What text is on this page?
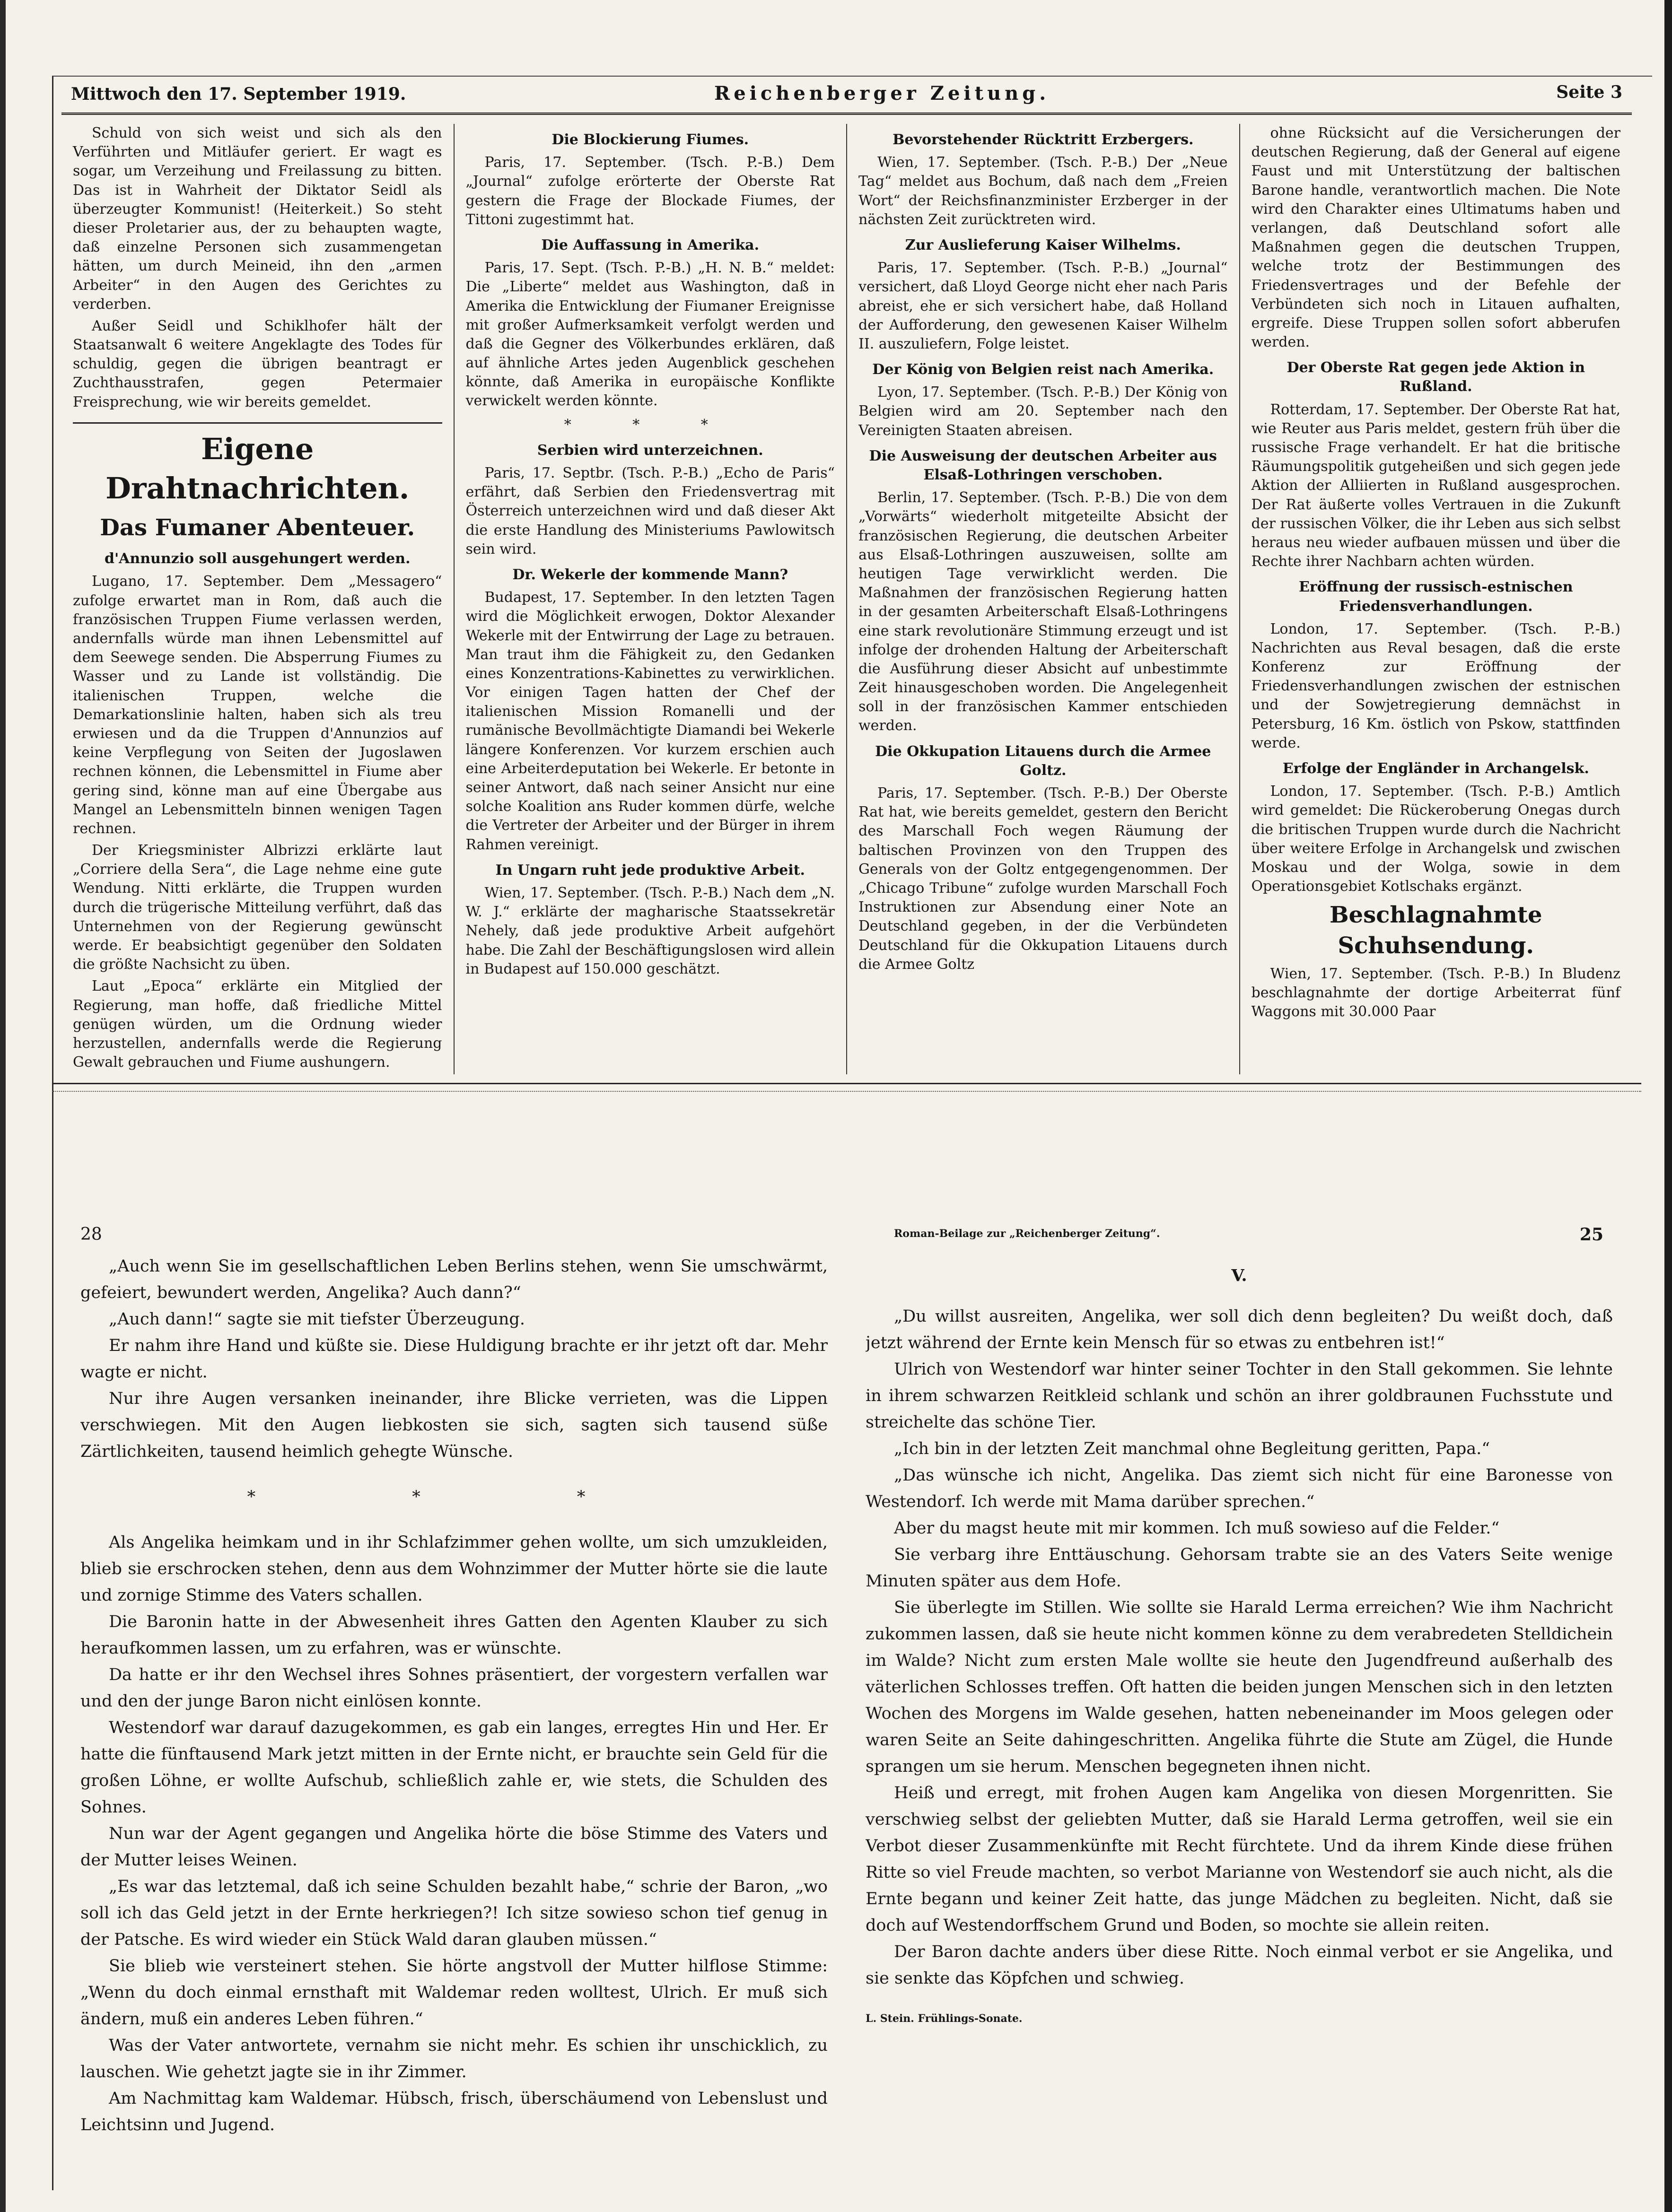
Mittwoch den 17. September 1919.	Reichenberger Zeitung.	Seite 3

Schuld von sich weist und sich als den Verführten und Mitläufer geriert. Er wagt es sogar, um Verzeihung und Freilassung zu bitten. Das ist in Wahrheit der Diktator Seidl als überzeugter Kommunist! (Heiterkeit.) So steht dieser Proletarier aus, der zu behaupten wagte, daß einzelne Personen sich zusammengetan hätten, um durch Meineid, ihn den „armen Arbeiter“ in den Augen des Gerichtes zu verderben.

Außer Seidl und Schiklhofer hält der Staatsanwalt 6 weitere Angeklagte des Todes für schuldig, gegen die übrigen beantragt er Zuchthausstrafen, gegen Petermaier Freisprechung, wie wir bereits gemeldet.

Eigene Drahtnachrichten.
Das Fumaner Abenteuer.
d'Annunzio soll ausgehungert werden.

Lugano, 17. September. Dem „Messagero“ zufolge erwartet man in Rom, daß auch die französischen Truppen Fiume verlassen werden, andernfalls würde man ihnen Lebensmittel auf dem Seewege senden. Die Absperrung Fiumes zu Wasser und zu Lande ist vollständig. Die italienischen Truppen, welche die Demarkationslinie halten, haben sich als treu erwiesen und da die Truppen d'Annunzios auf keine Verpflegung von Seiten der Jugoslawen rechnen können, die Lebensmittel in Fiume aber gering sind, könne man auf eine Übergabe aus Mangel an Lebensmitteln binnen wenigen Tagen rechnen.

Der Kriegsminister Albrizzi erklärte laut „Corriere della Sera“, die Lage nehme eine gute Wendung. Nitti erklärte, die Truppen wurden durch die trügerische Mitteilung verführt, daß das Unternehmen von der Regierung gewünscht werde. Er beabsichtigt gegenüber den Soldaten die größte Nachsicht zu üben.

Laut „Epoca“ erklärte ein Mitglied der Regierung, man hoffe, daß friedliche Mittel genügen würden, um die Ordnung wieder herzustellen, andernfalls werde die Regierung Gewalt gebrauchen und Fiume aushungern.

Die Blockierung Fiumes.

Paris, 17. September. (Tsch. P.-B.) Dem „Journal“ zufolge erörterte der Oberste Rat gestern die Frage der Blockade Fiumes, der Tittoni zugestimmt hat.

Die Auffassung in Amerika.

Paris, 17. Sept. (Tsch. P.-B.) „H. N. B.“ meldet: Die „Liberte“ meldet aus Washington, daß in Amerika die Entwicklung der Fiumaner Ereignisse mit großer Aufmerksamkeit verfolgt werden und daß die Gegner des Völkerbundes erklären, daß auf ähnliche Artes jeden Augenblick geschehen könnte, daß Amerika in europäische Konflikte verwickelt werden könnte.

* * *
Serbien wird unterzeichnen.

Paris, 17. Septbr. (Tsch. P.-B.) „Echo de Paris“ erfährt, daß Serbien den Friedensvertrag mit Österreich unterzeichnen wird und daß dieser Akt die erste Handlung des Ministeriums Pawlowitsch sein wird.

Dr. Wekerle der kommende Mann?

Budapest, 17. September. In den letzten Tagen wird die Möglichkeit erwogen, Doktor Alexander Wekerle mit der Entwirrung der Lage zu betrauen. Man traut ihm die Fähigkeit zu, den Gedanken eines Konzentrations-Kabinettes zu verwirklichen. Vor einigen Tagen hatten der Chef der italienischen Mission Romanelli und der rumänische Bevollmächtigte Diamandi bei Wekerle längere Konferenzen. Vor kurzem erschien auch eine Arbeiterdeputation bei Wekerle. Er betonte in seiner Antwort, daß nach seiner Ansicht nur eine solche Koalition ans Ruder kommen dürfe, welche die Vertreter der Arbeiter und der Bürger in ihrem Rahmen vereinigt.

In Ungarn ruht jede produktive Arbeit.

Wien, 17. September. (Tsch. P.-B.) Nach dem „N. W. J.“ erklärte der magharische Staatssekretär Nehely, daß jede produktive Arbeit aufgehört habe. Die Zahl der Beschäftigungslosen wird allein in Budapest auf 150.000 geschätzt.

Bevorstehender Rücktritt Erzbergers.

Wien, 17. September. (Tsch. P.-B.) Der „Neue Tag“ meldet aus Bochum, daß nach dem „Freien Wort“ der Reichsfinanzminister Erzberger in der nächsten Zeit zurücktreten wird.

Zur Auslieferung Kaiser Wilhelms.

Paris, 17. September. (Tsch. P.-B.) „Journal“ versichert, daß Lloyd George nicht eher nach Paris abreist, ehe er sich versichert habe, daß Holland der Aufforderung, den gewesenen Kaiser Wilhelm II. auszuliefern, Folge leistet.

Der König von Belgien reist nach Amerika.

Lyon, 17. September. (Tsch. P.-B.) Der König von Belgien wird am 20. September nach den Vereinigten Staaten abreisen.

Die Ausweisung der deutschen Arbeiter aus Elsaß-Lothringen verschoben.

Berlin, 17. September. (Tsch. P.-B.) Die von dem „Vorwärts“ wiederholt mitgeteilte Absicht der französischen Regierung, die deutschen Arbeiter aus Elsaß-Lothringen auszuweisen, sollte am heutigen Tage verwirklicht werden. Die Maßnahmen der französischen Regierung hatten in der gesamten Arbeiterschaft Elsaß-Lothringens eine stark revolutionäre Stimmung erzeugt und ist infolge der drohenden Haltung der Arbeiterschaft die Ausführung dieser Absicht auf unbestimmte Zeit hinausgeschoben worden. Die Angelegenheit soll in der französischen Kammer entschieden werden.

Die Okkupation Litauens durch die Armee Goltz.

Paris, 17. September. (Tsch. P.-B.) Der Oberste Rat hat, wie bereits gemeldet, gestern den Bericht des Marschall Foch wegen Räumung der baltischen Provinzen von den Truppen des Generals von der Goltz entgegengenommen. Der „Chicago Tribune“ zufolge wurden Marschall Foch Instruktionen zur Absendung einer Note an Deutschland gegeben, in der die Verbündeten Deutschland für die Okkupation Litauens durch die Armee Goltz

ohne Rücksicht auf die Versicherungen der deutschen Regierung, daß der General auf eigene Faust und mit Unterstützung der baltischen Barone handle, verantwortlich machen. Die Note wird den Charakter eines Ultimatums haben und verlangen, daß Deutschland sofort alle Maßnahmen gegen die deutschen Truppen, welche trotz der Bestimmungen des Friedensvertrages und der Befehle der Verbündeten sich noch in Litauen aufhalten, ergreife. Diese Truppen sollen sofort abberufen werden.

Der Oberste Rat gegen jede Aktion in Rußland.

Rotterdam, 17. September. Der Oberste Rat hat, wie Reuter aus Paris meldet, gestern früh über die russische Frage verhandelt. Er hat die britische Räumungspolitik gutgeheißen und sich gegen jede Aktion der Alliierten in Rußland ausgesprochen. Der Rat äußerte volles Vertrauen in die Zukunft der russischen Völker, die ihr Leben aus sich selbst heraus neu wieder aufbauen müssen und über die Rechte ihrer Nachbarn achten würden.

Eröffnung der russisch-estnischen Friedensverhandlungen.

London, 17. September. (Tsch. P.-B.) Nachrichten aus Reval besagen, daß die erste Konferenz zur Eröffnung der Friedensverhandlungen zwischen der estnischen und der Sowjetregierung demnächst in Petersburg, 16 Km. östlich von Pskow, stattfinden werde.

Erfolge der Engländer in Archangelsk.

London, 17. September. (Tsch. P.-B.) Amtlich wird gemeldet: Die Rückeroberung Onegas durch die britischen Truppen wurde durch die Nachricht über weitere Erfolge in Archangelsk und zwischen Moskau und der Wolga, sowie in dem Operationsgebiet Kotlschaks ergänzt.

Beschlagnahmte Schuhsendung.

Wien, 17. September. (Tsch. P.-B.) In Bludenz beschlagnahmte der dortige Arbeiterrat fünf Waggons mit 30.000 Paar

28	Roman-Beilage zur „Reichenberger Zeitung“.	25

„Auch wenn Sie im gesellschaftlichen Leben Berlins stehen, wenn Sie umschwärmt, gefeiert, bewundert werden, Angelika? Auch dann?“

„Auch dann!“ sagte sie mit tiefster Überzeugung.

Er nahm ihre Hand und küßte sie. Diese Huldigung brachte er ihr jetzt oft dar. Mehr wagte er nicht.

Nur ihre Augen versanken ineinander, ihre Blicke verrieten, was die Lippen verschwiegen. Mit den Augen liebkosten sie sich, sagten sich tausend süße Zärtlichkeiten, tausend heimlich gehegte Wünsche.

* * *

Als Angelika heimkam und in ihr Schlafzimmer gehen wollte, um sich umzukleiden, blieb sie erschrocken stehen, denn aus dem Wohnzimmer der Mutter hörte sie die laute und zornige Stimme des Vaters schallen.

Die Baronin hatte in der Abwesenheit ihres Gatten den Agenten Klauber zu sich heraufkommen lassen, um zu erfahren, was er wünschte.

Da hatte er ihr den Wechsel ihres Sohnes präsentiert, der vorgestern verfallen war und den der junge Baron nicht einlösen konnte.

Westendorf war darauf dazugekommen, es gab ein langes, erregtes Hin und Her. Er hatte die fünftausend Mark jetzt mitten in der Ernte nicht, er brauchte sein Geld für die großen Löhne, er wollte Aufschub, schließlich zahle er, wie stets, die Schulden des Sohnes.

Nun war der Agent gegangen und Angelika hörte die böse Stimme des Vaters und der Mutter leises Weinen.

„Es war das letztemal, daß ich seine Schulden bezahlt habe,“ schrie der Baron, „wo soll ich das Geld jetzt in der Ernte herkriegen?! Ich sitze sowieso schon tief genug in der Patsche. Es wird wieder ein Stück Wald daran glauben müssen.“

Sie blieb wie versteinert stehen. Sie hörte angstvoll der Mutter hilflose Stimme: „Wenn du doch einmal ernsthaft mit Waldemar reden wolltest, Ulrich. Er muß sich ändern, muß ein anderes Leben führen.“

Was der Vater antwortete, vernahm sie nicht mehr. Es schien ihr unschicklich, zu lauschen. Wie gehetzt jagte sie in ihr Zimmer.

Am Nachmittag kam Waldemar. Hübsch, frisch, überschäumend von Lebenslust und Leichtsinn und Jugend.

V.

„Du willst ausreiten, Angelika, wer soll dich denn begleiten? Du weißt doch, daß jetzt während der Ernte kein Mensch für so etwas zu entbehren ist!“

Ulrich von Westendorf war hinter seiner Tochter in den Stall gekommen. Sie lehnte in ihrem schwarzen Reitkleid schlank und schön an ihrer goldbraunen Fuchsstute und streichelte das schöne Tier.

„Ich bin in der letzten Zeit manchmal ohne Begleitung geritten, Papa.“

„Das wünsche ich nicht, Angelika. Das ziemt sich nicht für eine Baronesse von Westendorf. Ich werde mit Mama darüber sprechen.“

Aber du magst heute mit mir kommen. Ich muß sowieso auf die Felder.“

Sie verbarg ihre Enttäuschung. Gehorsam trabte sie an des Vaters Seite wenige Minuten später aus dem Hofe.

Sie überlegte im Stillen. Wie sollte sie Harald Lerma erreichen? Wie ihm Nachricht zukommen lassen, daß sie heute nicht kommen könne zu dem verabredeten Stelldichein im Walde? Nicht zum ersten Male wollte sie heute den Jugendfreund außerhalb des väterlichen Schlosses treffen. Oft hatten die beiden jungen Menschen sich in den letzten Wochen des Morgens im Walde gesehen, hatten nebeneinander im Moos gelegen oder waren Seite an Seite dahingeschritten. Angelika führte die Stute am Zügel, die Hunde sprangen um sie herum. Menschen begegneten ihnen nicht.

Heiß und erregt, mit frohen Augen kam Angelika von diesen Morgenritten. Sie verschwieg selbst der geliebten Mutter, daß sie Harald Lerma getroffen, weil sie ein Verbot dieser Zusammenkünfte mit Recht fürchtete. Und da ihrem Kinde diese frühen Ritte so viel Freude machten, so verbot Marianne von Westendorf sie auch nicht, als die Ernte begann und keiner Zeit hatte, das junge Mädchen zu begleiten. Nicht, daß sie doch auf Westendorffschem Grund und Boden, so mochte sie allein reiten.

Der Baron dachte anders über diese Ritte. Noch einmal verbot er sie Angelika, und sie senkte das Köpfchen und schwieg.

L. Stein. Frühlings-Sonate.
